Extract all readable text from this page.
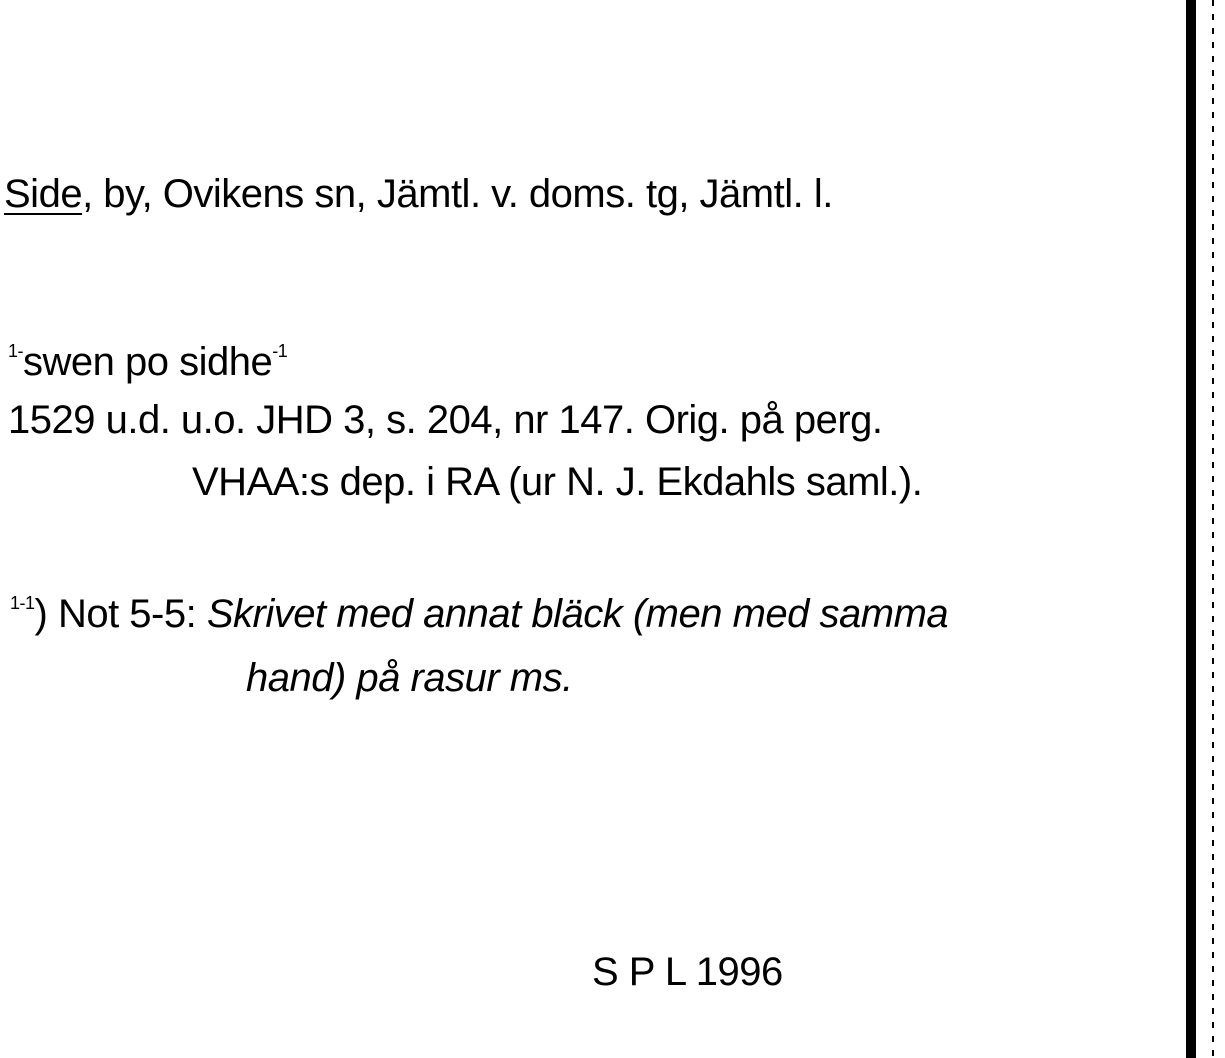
Side, by, Ovikens sn, Jämtl. v. doms. tg, Jämtl. l.
$^{1-}$swen po sidhe$^{-1}$
1529 u.d. u.o. JHD 3, s. 204, nr 147. Orig. på perg.
VHAA:s dep. i RA (ur N. J. Ekdahls saml.).
$^{1-1}$) Not 5-5: Skrivet med annat bläck (men med samma
hand) på rasur ms.
S P L 1996
